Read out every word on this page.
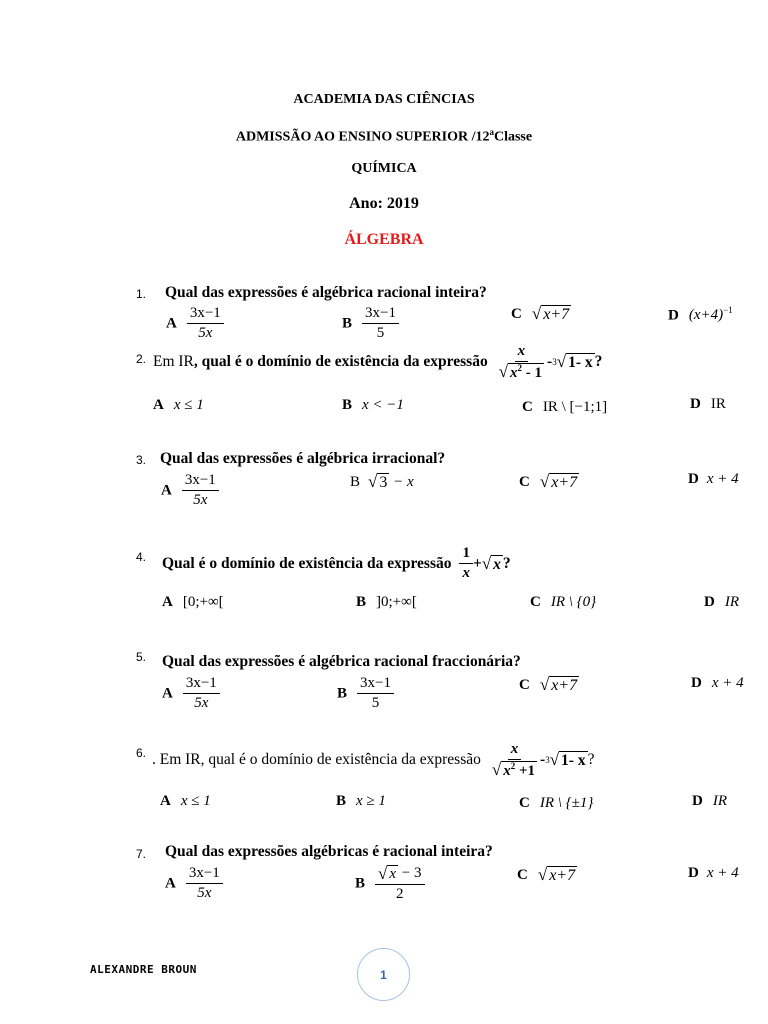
ACADEMIA DAS CIÊNCIAS
ADMISSÃO AO ENSINO SUPERIOR /12$^a$Classe
QUÍMICA
Ano: 2019
ÁLGEBRA
1. Qual das expressões é algébrica racional inteira?
A $\frac{3x-1}{5x}$	B $\frac{3x-1}{5}$	C √ x+7	D $(x+4)^{-1}$
2. Em IR , qual é o domínio de existência da expressão $\frac{x}{√ x^2 - 1} - 3$ √ 1- x ?
A x ≤ 1	B x < −1	C IR \ [−1;1]	D IR
3. Qual das expressões é algébrica irracional?
A $\frac{3x-1}{5x}$	B √ 3 − x	C √ x+7	D x + 4
4. Qual é o domínio de existência da expressão $\frac{1}{x}$ + √ x ?
A [0;+∞[	B ]0;+∞[	C IR \ {0}	D IR
5. Qual das expressões é algébrica racional fraccionária?
A $\frac{3x-1}{5x}$	B $\frac{3x-1}{5}$	C √ x+7	D x + 4
6. . Em IR, qual é o domínio de existência da expressão $\frac{x}{√ x^2 +1} - 3$ √ 1- x ?
A x ≤ 1	B x ≥ 1	C IR \ {±1}	D IR
7. Qual das expressões algébricas é racional inteira?
A $\frac{3x-1}{5x}$	B $\frac{√ x - 3}{2}$	C √ x+7	D x + 4
ALEXANDRE BROUN	1
